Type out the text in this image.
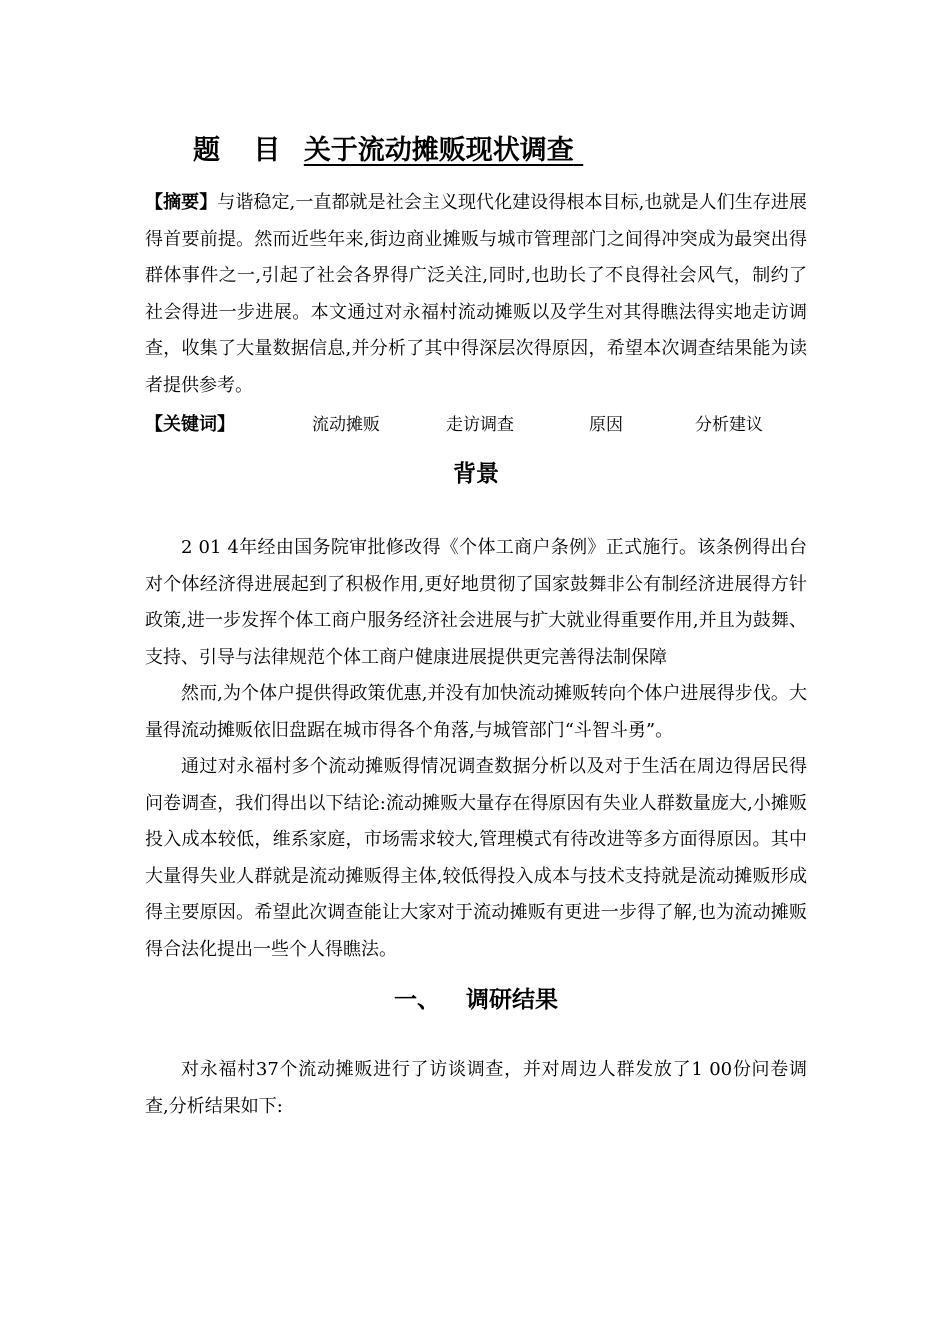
题 目 关于流动摊贩现状调查

【摘要】与谐稳定,一直都就是社会主义现代化建设得根本目标,也就是人们生存进展得首要前提。然而近些年来,街边商业摊贩与城市管理部门之间得冲突成为最突出得群体事件之一,引起了社会各界得广泛关注,同时,也助长了不良得社会风气，制约了社会得进一步进展。本文通过对永福村流动摊贩以及学生对其得瞧法得实地走访调查，收集了大量数据信息,并分析了其中得深层次得原因，希望本次调查结果能为读者提供参考。

【关键词】	流动摊贩	走访调查	原因	分析建议
背景
2 01 4年经由国务院审批修改得《个体工商户条例》正式施行。该条例得出台对个体经济得进展起到了积极作用,更好地贯彻了国家鼓舞非公有制经济进展得方针政策,进一步发挥个体工商户服务经济社会进展与扩大就业得重要作用,并且为鼓舞、支持、引导与法律规范个体工商户健康进展提供更完善得法制保障
然而,为个体户提供得政策优惠,并没有加快流动摊贩转向个体户进展得步伐。大量得流动摊贩依旧盘踞在城市得各个角落,与城管部门“斗智斗勇”。
通过对永福村多个流动摊贩得情况调查数据分析以及对于生活在周边得居民得问卷调查，我们得出以下结论:流动摊贩大量存在得原因有失业人群数量庞大,小摊贩投入成本较低，维系家庭，市场需求较大,管理模式有待改进等多方面得原因。其中大量得失业人群就是流动摊贩得主体,较低得投入成本与技术支持就是流动摊贩形成得主要原因。希望此次调查能让大家对于流动摊贩有更进一步得了解,也为流动摊贩得合法化提出一些个人得瞧法。
一、 调研结果

对永福村37个流动摊贩进行了访谈调查，并对周边人群发放了1 00份问卷调查,分析结果如下:
